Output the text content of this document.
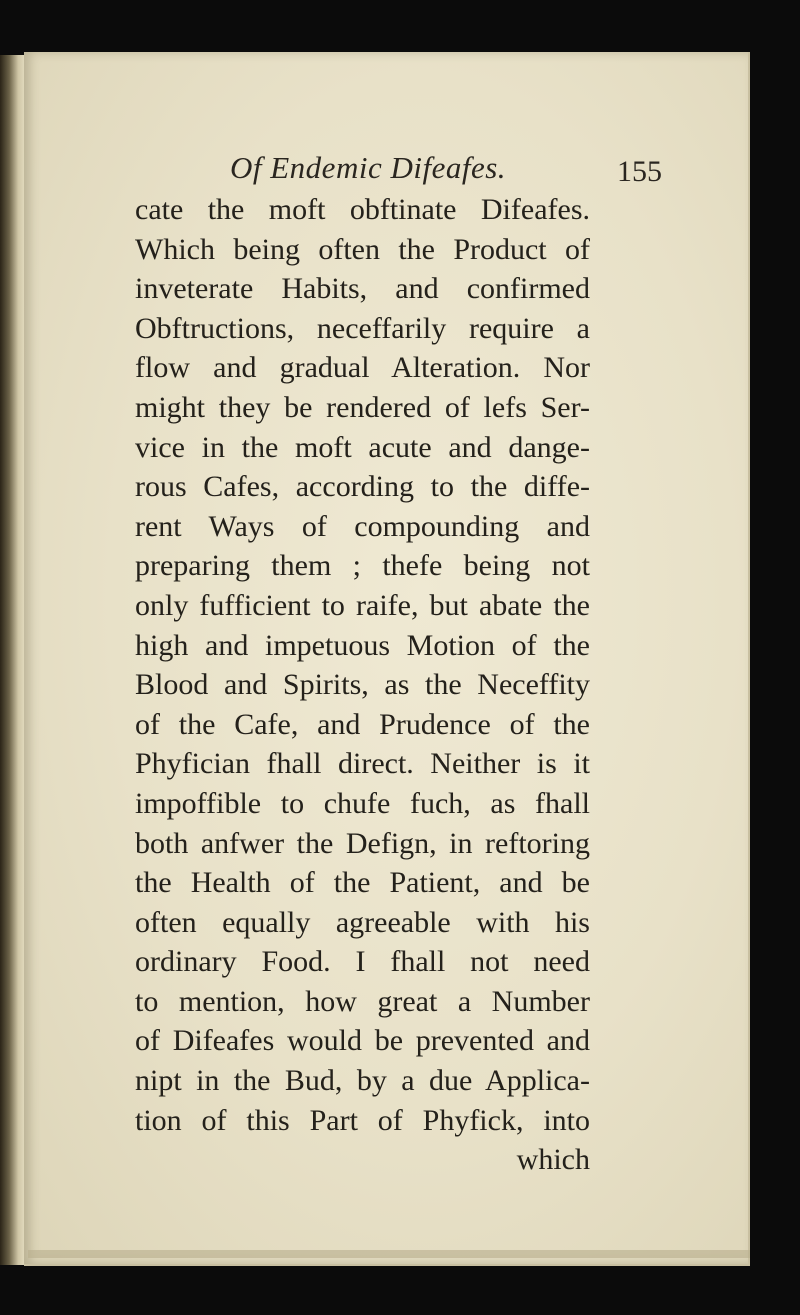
Of Endemic Difeafes.	155
cate the moft obftinate Difeafes.
Which being often the Product of
inveterate Habits, and confirmed
Obftructions, neceffarily require a
flow and gradual Alteration. Nor
might they be rendered of lefs Ser-
vice in the moft acute and dange-
rous Cafes, according to the diffe-
rent Ways of compounding and
preparing them ; thefe being not
only fufficient to raife, but abate the
high and impetuous Motion of the
Blood and Spirits, as the Neceffity
of the Cafe, and Prudence of the
Phyfician fhall direct. Neither is it
impoffible to chufe fuch, as fhall
both anfwer the Defign, in reftoring
the Health of the Patient, and be
often equally agreeable with his
ordinary Food. I fhall not need
to mention, how great a Number
of Difeafes would be prevented and
nipt in the Bud, by a due Applica-
tion of this Part of Phyfick, into
which
